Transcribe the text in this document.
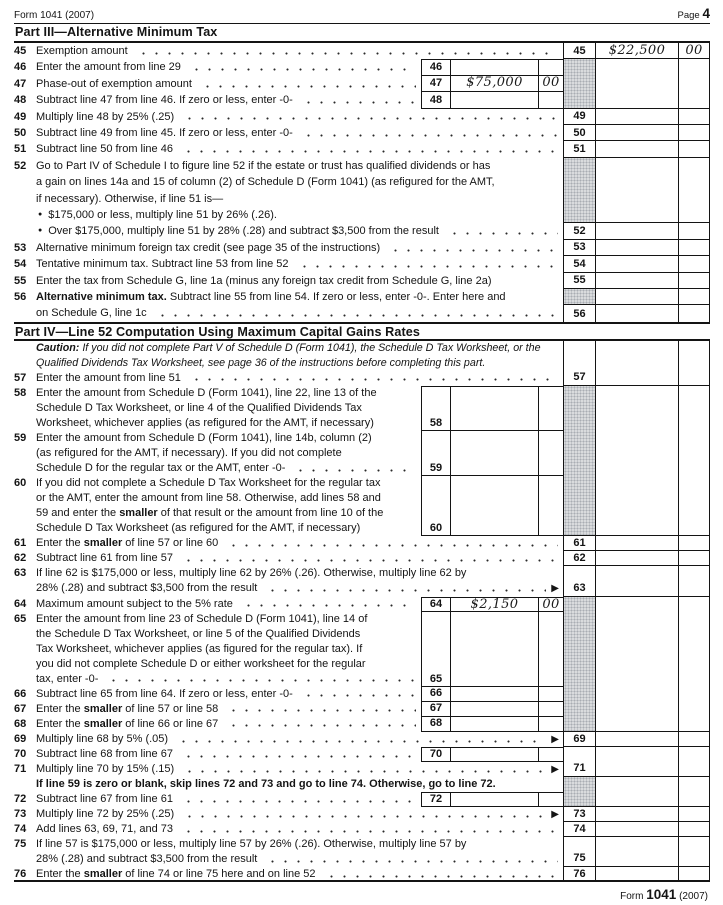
Form 1041 (2007)	Page 4
Part III—Alternative Minimum Tax
45 Exemption amount	45	$22,500	00
46 Enter the amount from line 29	46
47 Phase-out of exemption amount	47	$75,000	00
48 Subtract line 47 from line 46. If zero or less, enter -0-	48
49 Multiply line 48 by 25% (.25)	49
50 Subtract line 49 from line 45. If zero or less, enter -0-	50
51 Subtract line 50 from line 46	51
52 Go to Part IV of Schedule I to figure line 52 if the estate or trust has qualified dividends or has
a gain on lines 14a and 15 of column (2) of Schedule D (Form 1041) (as refigured for the AMT,
if necessary). Otherwise, if line 51 is—
● $175,000 or less, multiply line 51 by 26% (.26).
● Over $175,000, multiply line 51 by 28% (.28) and subtract $3,500 from the result	52
53 Alternative minimum foreign tax credit (see page 35 of the instructions)	53
54 Tentative minimum tax. Subtract line 53 from line 52	54
55 Enter the tax from Schedule G, line 1a (minus any foreign tax credit from Schedule G, line 2a)	55
56 Alternative minimum tax. Subtract line 55 from line 54. If zero or less, enter -0-. Enter here and
on Schedule G, line 1c	56
Part IV—Line 52 Computation Using Maximum Capital Gains Rates
Caution: If you did not complete Part V of Schedule D (Form 1041), the Schedule D Tax Worksheet, or the Qualified Dividends Tax Worksheet, see page 36 of the instructions before completing this part.
57 Enter the amount from line 51	57
58 Enter the amount from Schedule D (Form 1041), line 22, line 13 of the
Schedule D Tax Worksheet, or line 4 of the Qualified Dividends Tax
Worksheet, whichever applies (as refigured for the AMT, if necessary)	58
59 Enter the amount from Schedule D (Form 1041), line 14b, column (2)
(as refigured for the AMT, if necessary). If you did not complete
Schedule D for the regular tax or the AMT, enter -0-	59
60 If you did not complete a Schedule D Tax Worksheet for the regular tax
or the AMT, enter the amount from line 58. Otherwise, add lines 58 and
59 and enter the smaller of that result or the amount from line 10 of the
Schedule D Tax Worksheet (as refigured for the AMT, if necessary)	60
61 Enter the smaller of line 57 or line 60	61
62 Subtract line 61 from line 57	62
63 If line 62 is $175,000 or less, multiply line 62 by 26% (.26). Otherwise, multiply line 62 by
28% (.28) and subtract $3,500 from the result	▶	63
64 Maximum amount subject to the 5% rate	64	$2,150	00
65 Enter the amount from line 23 of Schedule D (Form 1041), line 14 of
the Schedule D Tax Worksheet, or line 5 of the Qualified Dividends
Tax Worksheet, whichever applies (as figured for the regular tax). If
you did not complete Schedule D or either worksheet for the regular
tax, enter -0-	65
66 Subtract line 65 from line 64. If zero or less, enter -0-	66
67 Enter the smaller of line 57 or line 58	67
68 Enter the smaller of line 66 or line 67	68
69 Multiply line 68 by 5% (.05)	▶	69
70 Subtract line 68 from line 67	70
71 Multiply line 70 by 15% (.15)	▶	71
If line 59 is zero or blank, skip lines 72 and 73 and go to line 74. Otherwise, go to line 72.
72 Subtract line 67 from line 61	72
73 Multiply line 72 by 25% (.25)	▶	73
74 Add lines 63, 69, 71, and 73	74
75 If line 57 is $175,000 or less, multiply line 57 by 26% (.26). Otherwise, multiply line 57 by
28% (.28) and subtract $3,500 from the result	75
76 Enter the smaller of line 74 or line 75 here and on line 52	76
Form 1041 (2007)
